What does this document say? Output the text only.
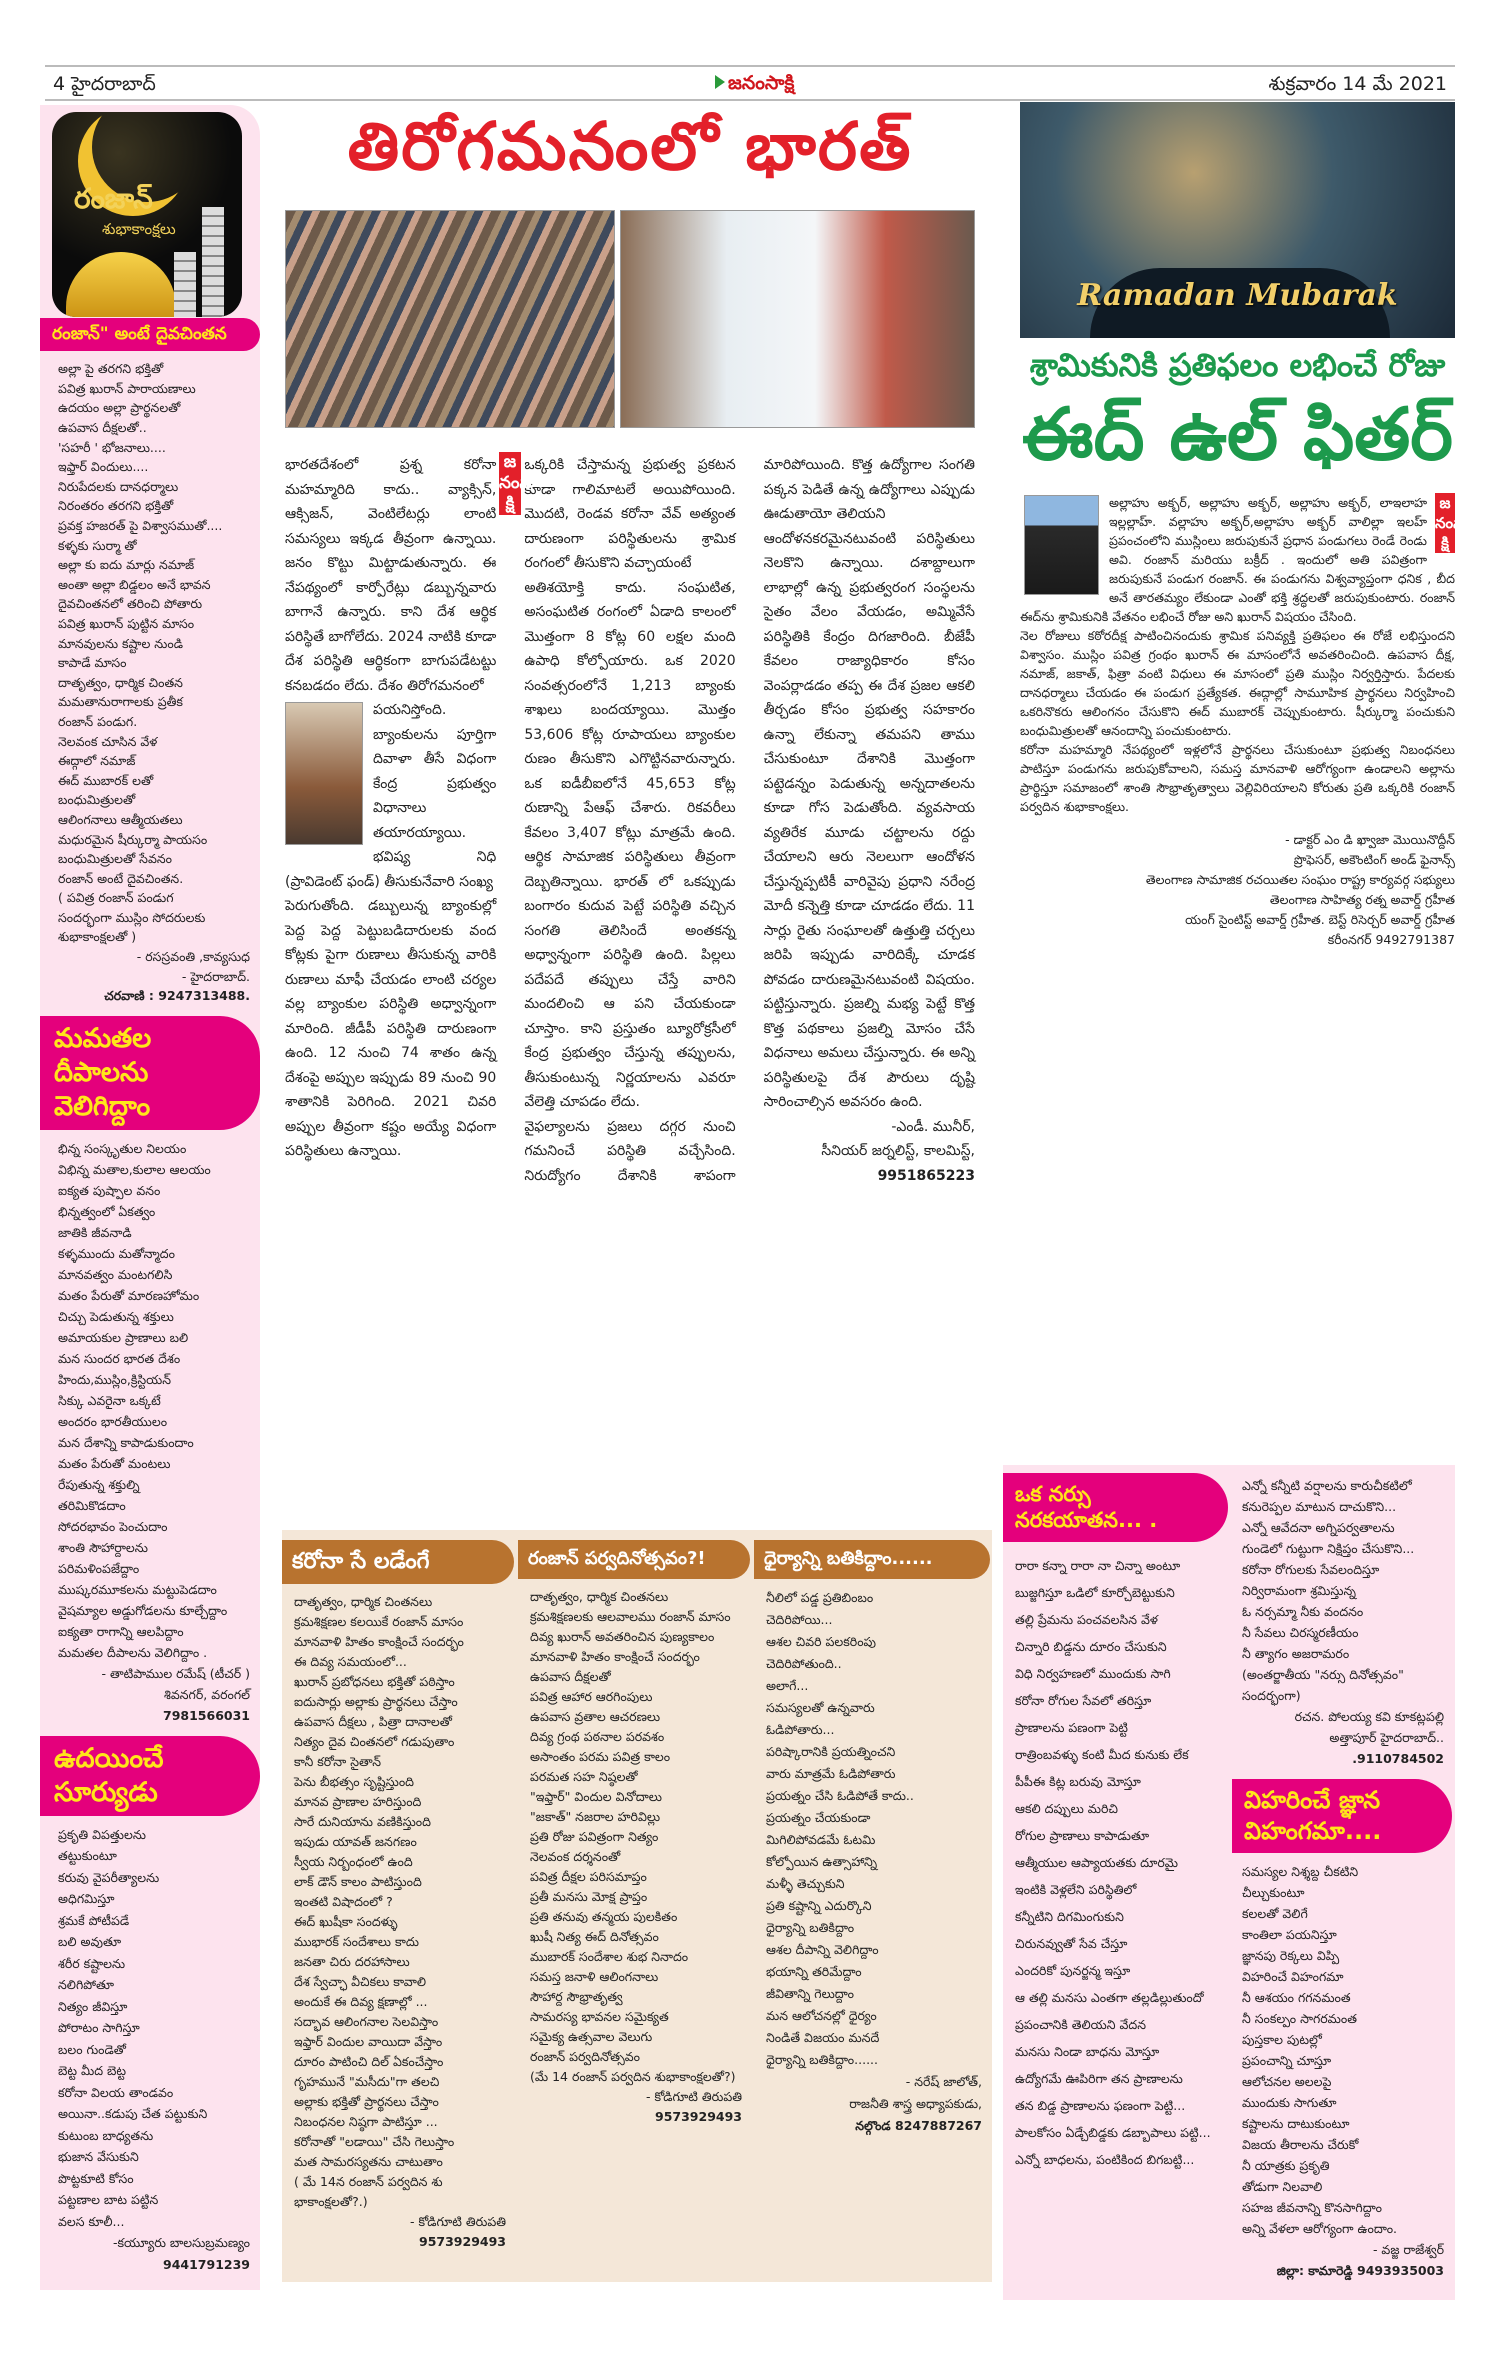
4 హైదరాబాద్	జనంసాక్షి	శుక్రవారం 14 మే 2021
రంజాన్
శుభాకాంక్షలు
రంజాన్" అంటే దైవచింతన
అల్లా పై తరగని భక్తితో
పవిత్ర ఖురాన్ పారాయణాలు
ఉదయం అల్లా ప్రార్థనలతో
ఉపవాస దీక్షలతో..
'సహరీ ' భోజనాలు....
ఇఫ్తార్ విందులు....
నిరుపేదలకు దానధర్మాలు
నిరంతరం తరగని భక్తితో
ప్రవక్త హజరత్ పై విశ్వాసముతో....
కళ్ళకు సుర్మా తో
అల్లా కు ఐదు మార్లు నమాజ్
అంతా అల్లా బిడ్డలం అనే భావన
దైవచింతనలో తరించి పోతారు
పవిత్ర ఖురాన్ పుట్టిన మాసం
మానవులను కష్టాల నుండి
కాపాడే మాసం
దాతృత్వం, ధార్మిక చింతన
మమతానురాగాలకు ప్రతీక
రంజాన్ పండుగ.
నెలవంక చూసిన వేళ
ఈద్గాలో నమాజ్
ఈద్ ముబారక్ లతో
బంధుమిత్రులతో
ఆలింగనాలు ఆత్మీయతలు
మధురమైన షీర్కుర్మా పాయసం
బంధుమిత్రులతో సేవనం
రంజాన్ అంటే దైవచింతన.
( పవిత్ర రంజాన్ పండుగ
సందర్భంగా ముస్లిం సోదరులకు
శుభాకాంక్షలతో )
- రసస్రవంతి ,కావ్యసుధ
- హైదరాబాద్.
చరవాణి : 9247313488.
మమతల దీపాలను వెలిగిద్దాం
భిన్న సంస్కృతుల నిలయం
విభిన్న మతాల,కులాల ఆలయం
ఐక్యత పుష్పాల వనం
భిన్నత్వంలో ఏకత్వం
జాతికి జీవనాడి
కళ్ళముందు మతోన్మాదం
మానవత్వం మంటగలిసి
మతం పేరుతో మారణహోమం
చిచ్చు పెడుతున్న శక్తులు
అమాయకుల ప్రాణాలు బలి
మన సుందర భారత దేశం
హిందు,ముస్లిం,క్రిస్టియన్
సిక్కు ఎవరైనా ఒక్కటే
అందరం భారతీయులం
మన దేశాన్ని కాపాడుకుందాం
మతం పేరుతో మంటలు
రేపుతున్న శక్తుల్ని
తరిమికొడదాం
సోదరభావం పెంచుదాం
శాంతి సౌహార్దాలను
పరిమళింపజేద్దాం
ముష్కరమూకలను మట్టుపెడదాం
వైషమ్యాల అడ్డుగోడలను కూల్చేద్దాం
ఐక్యతా రాగాన్ని ఆలపిద్దాం
మమతల దీపాలను వెలిగిద్దాం .
- తాటిపాముల రమేష్ (టీచర్ )
శివనగర్, వరంగల్
7981566031
ఉదయించే సూర్యుడు
ప్రకృతి విపత్తులను
తట్టుకుంటూ
కరువు వైపరీత్యాలను
అధిగమిస్తూ
శ్రమకే పోటీపడే
బలి అవుతూ
శరీర కష్టాలను
నలిగిపోతూ
నిత్యం జీవిస్తూ
పోరాటం సాగిస్తూ
బలం గుండెతో
బెట్ట మీద బెట్ట
కరోనా విలయ తాండవం
అయినా..కడుపు చేత పట్టుకుని
కుటుంబ బాధ్యతను
భుజాన వేసుకుని
పొట్టకూటి కోసం
పట్టణాల బాట పట్టిన
వలస కూలీ...
-కయ్యూరు బాలసుబ్రమణ్యం
9441791239
తిరోగమనంలో భారత్

భారతదేశంలో ప్రశ్న కరోనా మహమ్మారిది కాదు.. వ్యాక్సిన్, ఆక్సిజన్, వెంటిలేటర్లు లాంటి సమస్యలు ఇక్కడ తీవ్రంగా ఉన్నాయి. జనం కొట్టు మిట్టాడుతున్నారు. ఈ నేపథ్యంలో కార్పోరేట్లు డబ్బున్నవారు బాగానే ఉన్నారు. కాని దేశ ఆర్థిక పరిస్థితే బాగోలేదు. 2024 నాటికి కూడా దేశ పరిస్థితి ఆర్థికంగా బాగుపడేటట్టు కనబడదం లేదు. దేశం తిరోగమనంలో

పయనిస్తోంది. బ్యాంకులను పూర్తిగా దివాళా తీసే విధంగా కేంద్ర ప్రభుత్వం విధానాలు తయారయ్యాయి. భవిష్య నిధి (ప్రావిడెంట్ ఫండ్) తీసుకునేవారి సంఖ్య

పెరుగుతోంది. డబ్బులున్న బ్యాంకుల్లో పెద్ద పెద్ద పెట్టుబడిదారులకు వంద కోట్లకు పైగా రుణాలు తీసుకున్న వారికి రుణాలు మాఫీ చేయడం లాంటి చర్యల వల్ల బ్యాంకుల పరిస్థితి అధ్వాన్నంగా మారింది. జీడీపీ పరిస్థితి దారుణంగా ఉంది. 12 నుంచి 74 శాతం ఉన్న దేశంపై అప్పుల ఇప్పుడు 89 నుంచి 90 శాతానికి పెరిగింది. 2021 చివరి అప్పుల తీవ్రంగా కష్టం అయ్యే విధంగా పరిస్థితులు ఉన్నాయి.

ఒక్కరికి చేస్తామన్న ప్రభుత్వ ప్రకటన కూడా గాలిమాటలే అయిపోయింది. మొదటి, రెండవ కరోనా వేవ్ అత్యంత దారుణంగా పరిస్థితులను శ్రామిక రంగంలో తీసుకొని వచ్చాయంటే

అతిశయోక్తి కాదు. సంఘటిత, అసంఘటిత రంగంలో ఏడాది కాలంలో మొత్తంగా 8 కోట్ల 60 లక్షల మంది ఉపాధి కోల్పోయారు. ఒక 2020 సంవత్సరంలోనే 1,213 బ్యాంకు శాఖలు బందయ్యాయి. మొత్తం 53,606 కోట్ల రూపాయలు బ్యాంకుల రుణం తీసుకొని ఎగొట్టినవారున్నారు. ఒక ఐడీబీఐలోనే 45,653 కోట్ల రుణాన్ని పేఆఫ్ చేశారు. రికవరీలు కేవలం 3,407 కోట్లు మాత్రమే ఉంది. ఆర్థిక సామాజిక పరిస్థితులు తీవ్రంగా దెబ్బతిన్నాయి. భారత్ లో ఒకప్పుడు బంగారం కుదువ పెట్టే పరిస్థితి వచ్చిన సంగతి తెలిసిందే అంతకన్న అధ్వాన్నంగా పరిస్థితి ఉంది. పిల్లలు పదేపదే తప్పులు చేస్తే వారిని మందలించి ఆ పని చేయకుండా చూస్తాం. కాని ప్రస్తుతం బ్యూరోక్రసీలో కేంద్ర ప్రభుత్వం చేస్తున్న తప్పులను, తీసుకుంటున్న నిర్ణయాలను ఎవరూ వేలెత్తి చూపడం లేదు.

వైఫల్యాలను ప్రజలు దగ్గర నుంచి గమనించే పరిస్థితి వచ్చేసింది. నిరుద్యోగం దేశానికి శాపంగా మారిపోయింది. కొత్త ఉద్యోగాల సంగతి పక్కన పెడితే ఉన్న ఉద్యోగాలు ఎప్పుడు ఊడుతాయో తెలియని

ఆందోళనకరమైనటువంటి పరిస్థితులు నెలకొని ఉన్నాయి. దశాబ్దాలుగా లాభాల్లో ఉన్న ప్రభుత్వరంగ సంస్థలను సైతం వేలం వేయడం, అమ్మివేసే పరిస్థితికి కేంద్రం దిగజారింది. బీజేపీ కేవలం రాజ్యాధికారం కోసం వెంపర్లాడడం తప్ప ఈ దేశ ప్రజల ఆకలి తీర్చడం కోసం ప్రభుత్వ సహకారం ఉన్నా లేకున్నా తమపని తాము చేసుకుంటూ దేశానికి మొత్తంగా పట్టెడన్నం పెడుతున్న అన్నదాతలను కూడా గోస పెడుతోంది. వ్యవసాయ వ్యతిరేక మూడు చట్టాలను రద్దు చేయాలని ఆరు నెలలుగా ఆందోళన చేస్తున్నప్పటికీ వారివైపు ప్రధాని నరేంద్ర మోదీ కన్నెత్తి కూడా చూడడం లేదు. 11 సార్లు రైతు సంఘాలతో ఉత్తుత్తి చర్చలు జరిపి ఇప్పుడు వారిదిక్కే చూడక పోవడం దారుణమైనటువంటి విషయం. పట్టిస్తున్నారు. ప్రజల్ని మభ్య పెట్టే కొత్త కొత్త పథకాలు ప్రజల్ని మోసం చేసే విధనాలు అమలు చేస్తున్నారు. ఈ అన్ని పరిస్థితులపై దేశ పౌరులు దృష్టి సారించాల్సిన అవసరం ఉంది.

-ఎండీ. మునీర్,
సీనియర్ జర్నలిస్ట్, కాలమిస్ట్,
9951865223
జనంసాక్షి
Ramadan Mubarak
శ్రామికునికి ప్రతిఫలం లభించే రోజు
ఈద్ ఉల్ ఫితర్
జనంసాక్షి

అల్లాహు అక్బర్, అల్లాహు అక్బర్, అల్లాహు అక్బర్, లాఇలాహ ఇల్లల్లాహ్. వల్లాహు అక్బర్,అల్లాహు అక్బర్ వాలిల్లా ఇలహ్ ప్రపంచంలోని ముస్లింలు జరుపుకునే ప్రధాన పండుగలు రెండే రెండు అవి. రంజాన్ మరియు బక్రీద్ . ఇందులో అతి పవిత్రంగా జరుపుకునే పండుగ రంజాన్. ఈ పండుగను విశ్వవ్యాప్తంగా ధనిక , బీద అనే తారతమ్యం లేకుండా ఎంతో భక్తి శ్రద్ధలతో జరుపుకుంటారు. రంజాన్ ఈద్‌ను శ్రామికునికి వేతనం లభించే రోజు అని ఖురాన్ విషయం చేసింది.

నెల రోజులు కఠోరదీక్ష పాటించినందుకు శ్రామిక పనివ్యక్తి ప్రతిఫలం ఈ రోజే లభిస్తుందని విశ్వాసం. ముస్లిం పవిత్ర గ్రంథం ఖురాన్ ఈ మాసంలోనే అవతరించింది. ఉపవాస దీక్ష, నమాజ్, జకాత్, ఫిత్రా వంటి విధులు ఈ మాసంలో ప్రతి ముస్లిం నిర్వర్తిస్తారు. పేదలకు దానధర్మాలు చేయడం ఈ పండుగ ప్రత్యేకత. ఈద్గాల్లో సామూహిక ప్రార్థనలు నిర్వహించి ఒకరినొకరు ఆలింగనం చేసుకొని ఈద్ ముబారక్ చెప్పుకుంటారు. షీర్కుర్మా పంచుకుని బంధుమిత్రులతో ఆనందాన్ని పంచుకుంటారు.

కరోనా మహమ్మారి నేపథ్యంలో ఇళ్లలోనే ప్రార్థనలు చేసుకుంటూ ప్రభుత్వ నిబంధనలు పాటిస్తూ పండుగను జరుపుకోవాలని, సమస్త మానవాళి ఆరోగ్యంగా ఉండాలని అల్లాను ప్రార్థిస్తూ సమాజంలో శాంతి సౌభ్రాతృత్వాలు వెల్లివిరియాలని కోరుతు ప్రతి ఒక్కరికి రంజాన్ పర్వదిన శుభాకాంక్షలు.

- డాక్టర్ ఎం డి ఖ్వాజా మొయినొద్దీన్
ప్రొఫెసర్, అకౌంటింగ్ అండ్ ఫైనాన్స్
తెలంగాణ సామాజిక రచయితల సంఘం రాష్ట్ర కార్యవర్గ సభ్యులు
తెలంగాణ సాహిత్య రత్న అవార్డ్ గ్రహీత
యంగ్ సైంటిస్ట్ అవార్డ్ గ్రహీత. బెస్ట్ రిసెర్చర్ అవార్డ్ గ్రహీత
కరీంనగర్ 9492791387
కరోనా సే లడేంగే
దాతృత్వం, ధార్మిక చింతనలు
క్రమశిక్షణల కలయికే రంజాన్ మాసం
మానవాళి హితం కాంక్షించే సందర్భం
ఈ దివ్య సమయంలో...
ఖురాన్ ప్రబోధనలు భక్తితో పఠిస్తాం
ఐదుసార్లు అల్లాకు ప్రార్థనలు చేస్తాం
ఉపవాస దీక్షలు , పిత్రా దానాలతో
నిత్యం దైవ చింతనలో గడుపుతాం
కానీ కరోనా సైతాన్
పెను బీభత్సం సృష్టిస్తుంది
మానవ ప్రాణాల హరిస్తుంది
సారే దునియాను వణికిస్తుంది
ఇపుడు యావత్ జనగణం
స్వీయ నిర్బంధంలో ఉంది
లాక్ డౌన్ కాలం పాటిస్తుంది
ఇంతటి విషాదంలో ?
ఈద్ ఖుషీకా సందళ్ళు
ముభారక్ సందేశాలు కాదు
జనతా చిరు దరహాసాలు
దేశ స్వేచ్ఛా వీచికలు కావాలి
అందుకే ఈ దివ్య క్షణాల్లో ...
సద్భావ ఆలింగనాల సెలవిస్తాం
ఇఫ్తార్ విందుల వాయిదా వేస్తాం
దూరం పాటించి దిల్ ఏకంచేస్తాం
గృహమునే "మసీదు"గా తలచి
అల్లాకు భక్తితో ప్రార్థనలు చేస్తాం
నిబంధనల నిష్ఠగా పాటిస్తూ ...
కరోనాతో "లడాయి" చేసి గెలుస్తాం
మత సామరస్యతను చాటుతాం
( మే 14న రంజాన్ పర్వదిన శు
భాకాంక్షలతో?.)
- కోడిగూటి తిరుపతి
9573929493
రంజాన్ పర్వదినోత్సవం?!
దాతృత్వం, ధార్మిక చింతనలు
క్రమశిక్షణలకు ఆలవాలము రంజాన్ మాసం
దివ్య ఖురాన్ అవతరించిన పుణ్యకాలం
మానవాళి హితం కాంక్షించే సందర్భం
ఉపవాస దీక్షలతో
పవిత్ర ఆహార ఆరగింపులు
ఉపవాస వ్రతాల ఆచరణలు
దివ్య గ్రంథ పఠనాల పరవశం
అసాంతం పరమ పవిత్ర కాలం
పరమత సహ నిష్ఠలతో
"ఇఫ్తార్" విందుల వినోదాలు
"జకాత్" నజరాల హరివిల్లు
ప్రతి రోజు పవిత్రంగా నిత్యం
నెలవంక దర్శనంతో
పవిత్ర దీక్షల పరిసమాప్తం
ప్రతీ మనసు మోక్ష ప్రాప్తం
ప్రతి తనువు తన్మయ పులకితం
ఖుషీ నిత్య ఈద్ దినోత్సవం
ముబారక్ సందేశాల శుభ నినాదం
సమస్త జనాళి ఆలింగనాలు
సౌహార్ద సౌభ్రాతృత్వ
సామరస్య భావనల సమైక్యత
సమైక్య ఉత్సవాల వెలుగు
రంజాన్ పర్వదినోత్సవం
(మే 14 రంజాన్ పర్వదిన శుభాకాంక్షలతో?)
- కోడిగూటి తిరుపతి
9573929493
ధైర్యాన్ని బతికిద్దాం......
నీలిలో పడ్డ ప్రతిబింబం
చెదిరిపోయి...
ఆశల చివరి పలకరింపు
చెదిరిపోతుంది..
అలాగే...
సమస్యలతో ఉన్నవారు
ఓడిపోతారు...
పరిష్కారానికి ప్రయత్నించని
వారు మాత్రమే ఓడిపోతారు
ప్రయత్నం చేసి ఓడిపోతే కాదు..
ప్రయత్నం చేయకుండా
మిగిలిపోవడమే ఓటమి
కోల్పోయిన ఉత్సాహాన్ని
మళ్ళీ తెచ్చుకుని
ప్రతి కష్టాన్ని ఎదుర్కొని
ధైర్యాన్ని బతికిద్దాం
ఆశల దీపాన్ని వెలిగిద్దాం
భయాన్ని తరిమేద్దాం
జీవితాన్ని గెలుద్దాం
మన ఆలోచనల్లో ధైర్యం
నిండితే విజయం మనదే
ధైర్యాన్ని బతికిద్దాం......
- నరేష్ జాలోత్,
రాజనీతి శాస్త్ర అధ్యాపకుడు,
నల్గొండ 8247887267
ఒక నర్సు నరకయాతన... .
రారా కన్నా రారా నా చిన్నా అంటూ
బుజ్జగిస్తూ ఒడిలో కూర్చోబెట్టుకుని
తల్లి ప్రేమను పంచవలసిన వేళ
చిన్నారి బిడ్డను దూరం చేసుకుని
విధి నిర్వహణలో ముందుకు సాగి
కరోనా రోగుల సేవలో తరిస్తూ
ప్రాణాలను పణంగా పెట్టి
రాత్రింబవళ్ళు కంటి మీద కునుకు లేక
పీపీఈ కిట్ల బరువు మోస్తూ
ఆకలి దప్పులు మరిచి
రోగుల ప్రాణాలు కాపాడుతూ
ఆత్మీయుల ఆప్యాయతకు దూరమై
ఇంటికి వెళ్లలేని పరిస్థితిలో
కన్నీటిని దిగమింగుకుని
చిరునవ్వుతో సేవ చేస్తూ
ఎందరికో పునర్జన్మ ఇస్తూ
ఆ తల్లి మనసు ఎంతగా తల్లడిల్లుతుందో
ప్రపంచానికి తెలియని వేదన
మనసు నిండా బాధను మోస్తూ
ఉద్యోగమే ఊపిరిగా తన ప్రాణాలను
తన బిడ్డ ప్రాణాలను ఫణంగా పెట్టి...
పాలకోసం ఏడ్చేబిడ్డకు డబ్బాపాలు పట్టి...
ఎన్నో బాధలను, పంటికింద బిగబట్టి...
ఎన్నో కన్నీటి వర్షాలను కారుచీకటిలో
కనురెప్పల మాటున దాచుకొని...
ఎన్నో ఆవేదనా అగ్నిపర్వతాలను
గుండెలో గుట్టుగా నిక్షిప్తం చేసుకొని...
కరోనా రోగులకు సేవలందిస్తూ
నిర్విరామంగా శ్రమిస్తున్న
ఓ నర్సమ్మా నీకు వందనం
నీ సేవలు చిరస్మరణీయం
నీ త్యాగం అజరామరం
(అంతర్జాతీయ "నర్సు దినోత్సవం"
సందర్భంగా)
రచన. పోలయ్య కవి కూకట్లపల్లి
అత్తాపూర్ హైదరాబాద్..
.9110784502
విహరించే జ్ఞాన విహంగమా....
సమస్యల నిశ్శబ్ద చీకటిని
చీల్చుకుంటూ
కలలతో వెలిగే
కాంతిలా పయనిస్తూ
జ్ఞానపు రెక్కలు విప్పి
విహరించే విహంగమా
నీ ఆశయం గగనమంత
నీ సంకల్పం సాగరమంత
పుస్తకాల పుటల్లో
ప్రపంచాన్ని చూస్తూ
ఆలోచనల అలలపై
ముందుకు సాగుతూ
కష్టాలను దాటుకుంటూ
విజయ తీరాలను చేరుకో
నీ యాత్రకు ప్రకృతి
తోడుగా నిలవాలి
సహజ జీవనాన్ని కొనసాగిద్దాం
అన్ని వేళలా ఆరోగ్యంగా ఉందాం.
- వజ్జ రాజేశ్వర్
జిల్లా: కామారెడ్డి 9493935003
